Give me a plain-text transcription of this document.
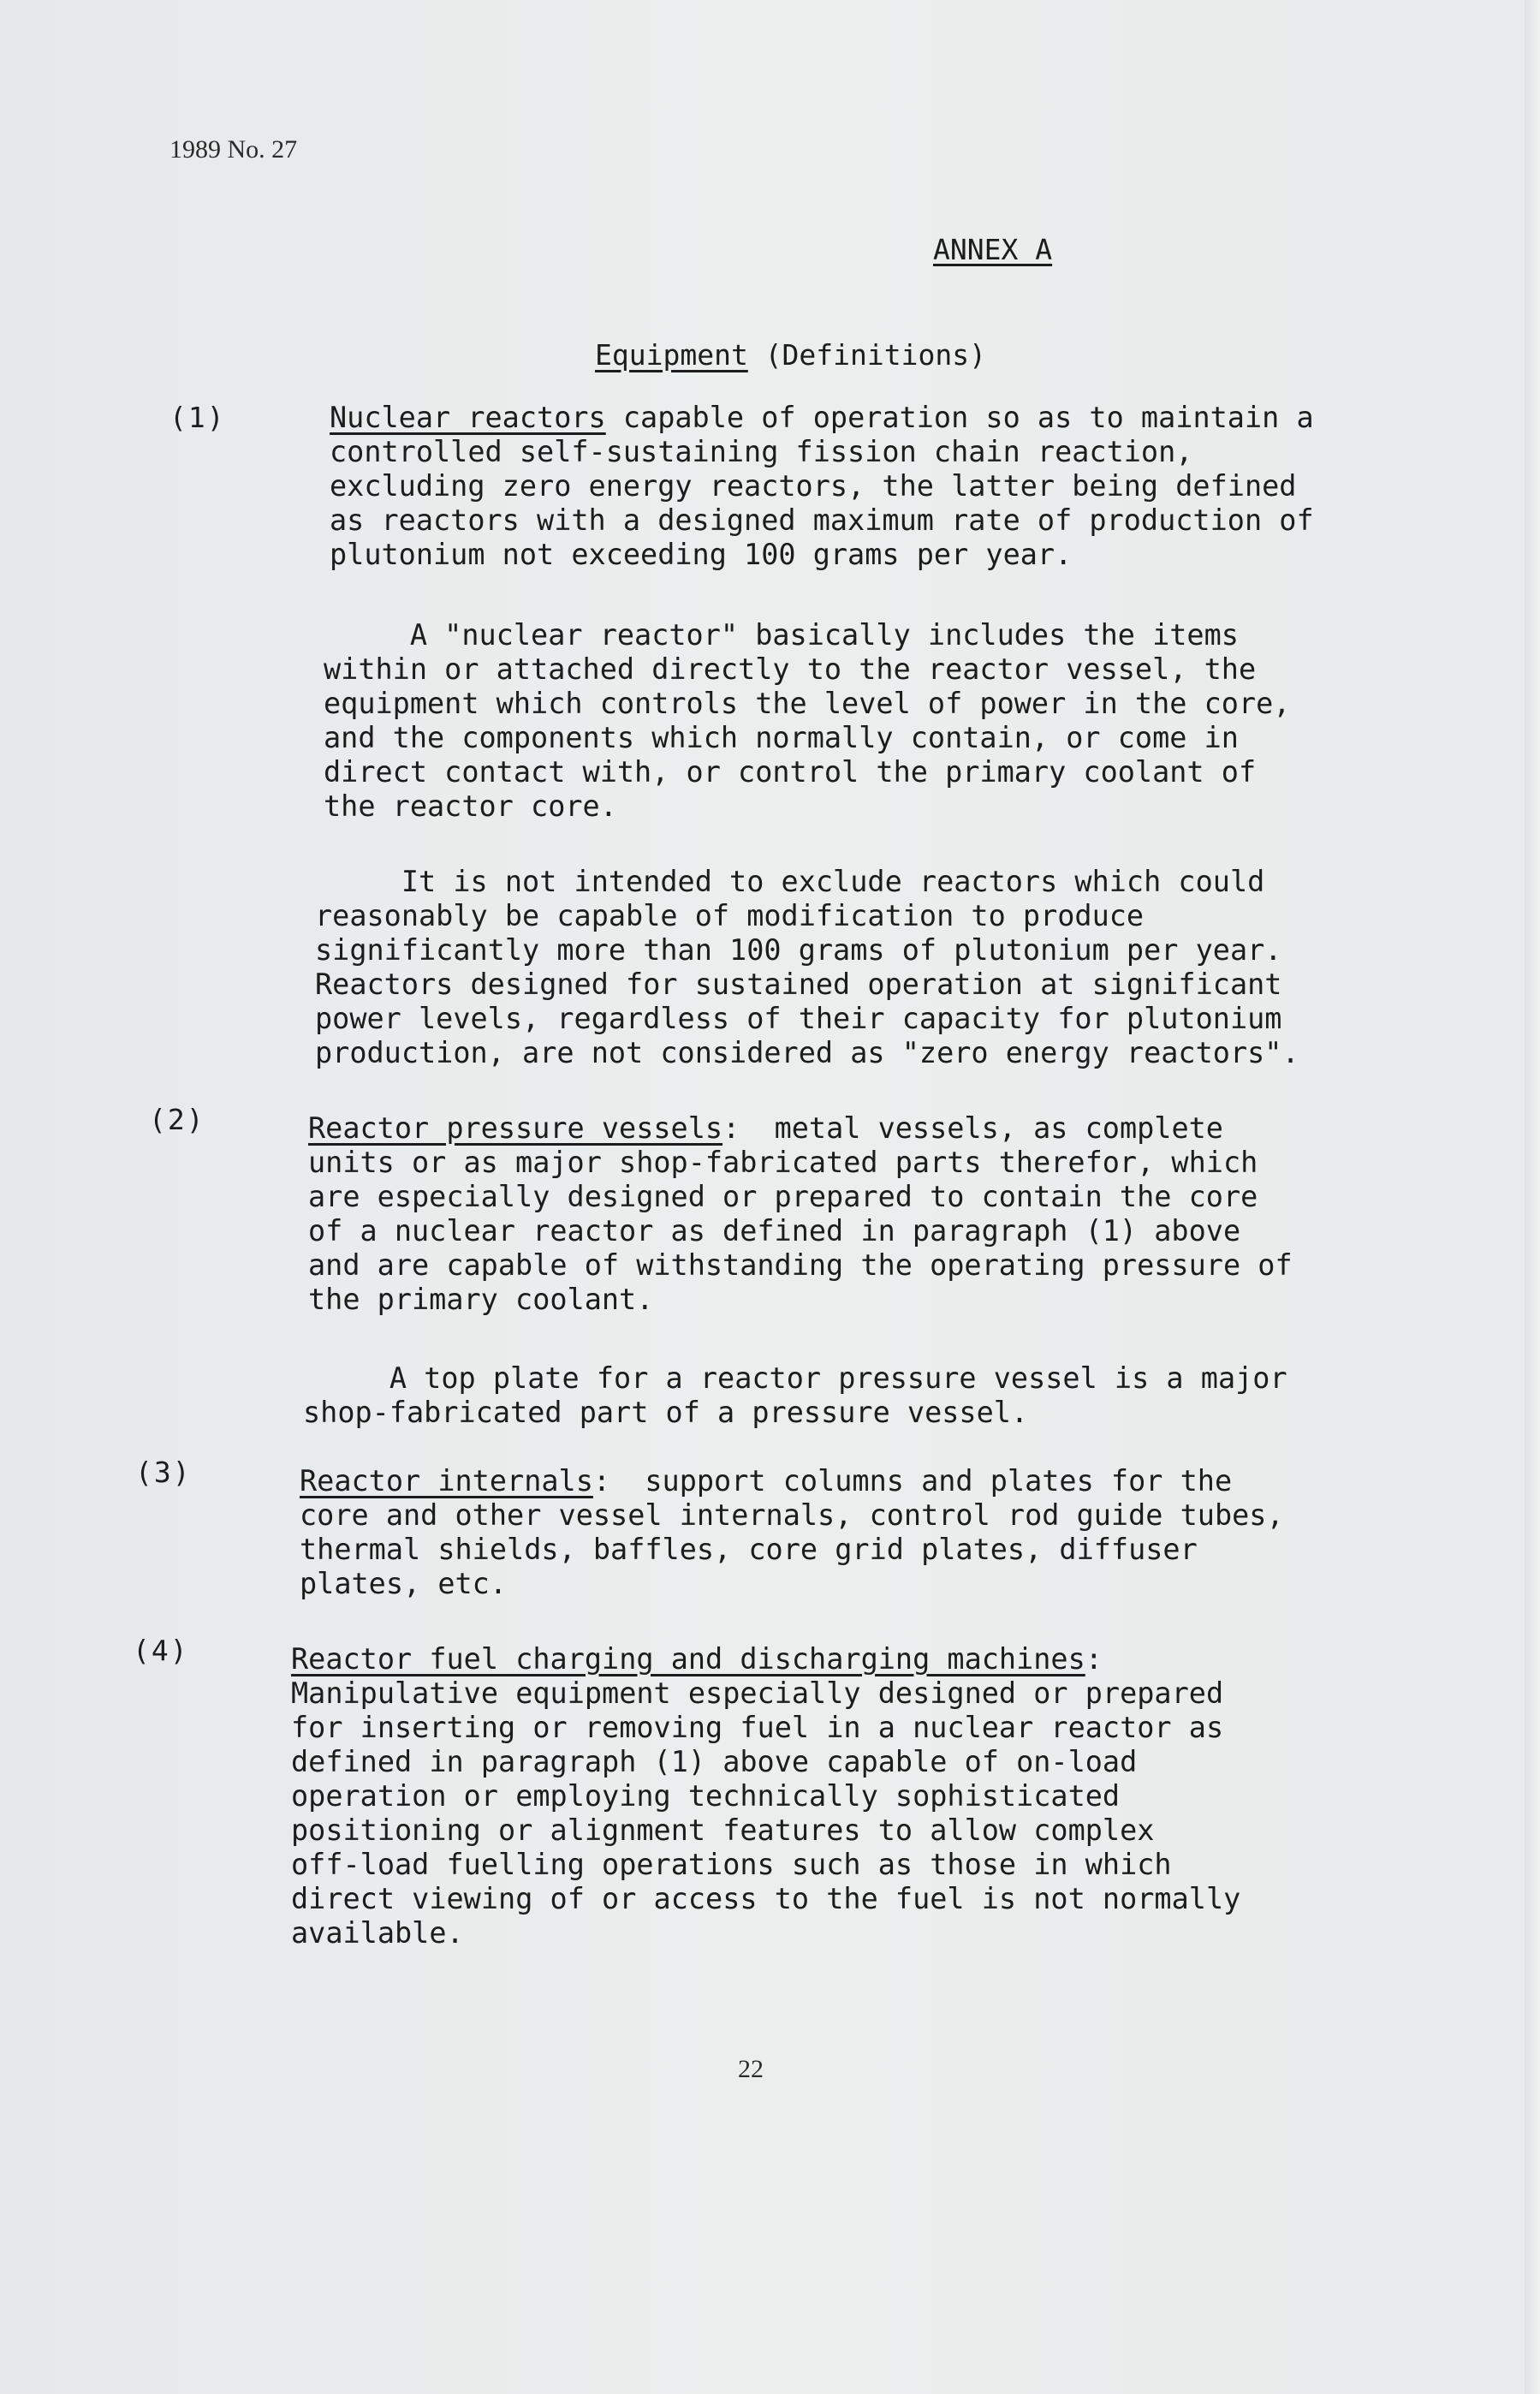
1989 No. 27
ANNEX A
Equipment (Definitions)
(1)	Nuclear reactors capable of operation so as to maintain a
controlled self-sustaining fission chain reaction,
excluding zero energy reactors, the latter being defined
as reactors with a designed maximum rate of production of
plutonium not exceeding 100 grams per year.
A "nuclear reactor" basically includes the items
within or attached directly to the reactor vessel, the
equipment which controls the level of power in the core,
and the components which normally contain, or come in
direct contact with, or control the primary coolant of
the reactor core.
It is not intended to exclude reactors which could
reasonably be capable of modification to produce
significantly more than 100 grams of plutonium per year.
Reactors designed for sustained operation at significant
power levels, regardless of their capacity for plutonium
production, are not considered as "zero energy reactors".
(2)	Reactor pressure vessels:  metal vessels, as complete
units or as major shop-fabricated parts therefor, which
are especially designed or prepared to contain the core
of a nuclear reactor as defined in paragraph (1) above
and are capable of withstanding the operating pressure of
the primary coolant.
A top plate for a reactor pressure vessel is a major
shop-fabricated part of a pressure vessel.
(3)	Reactor internals:  support columns and plates for the
core and other vessel internals, control rod guide tubes,
thermal shields, baffles, core grid plates, diffuser
plates, etc.
(4)	Reactor fuel charging and discharging machines:
Manipulative equipment especially designed or prepared
for inserting or removing fuel in a nuclear reactor as
defined in paragraph (1) above capable of on-load
operation or employing technically sophisticated
positioning or alignment features to allow complex
off-load fuelling operations such as those in which
direct viewing of or access to the fuel is not normally
available.
22
